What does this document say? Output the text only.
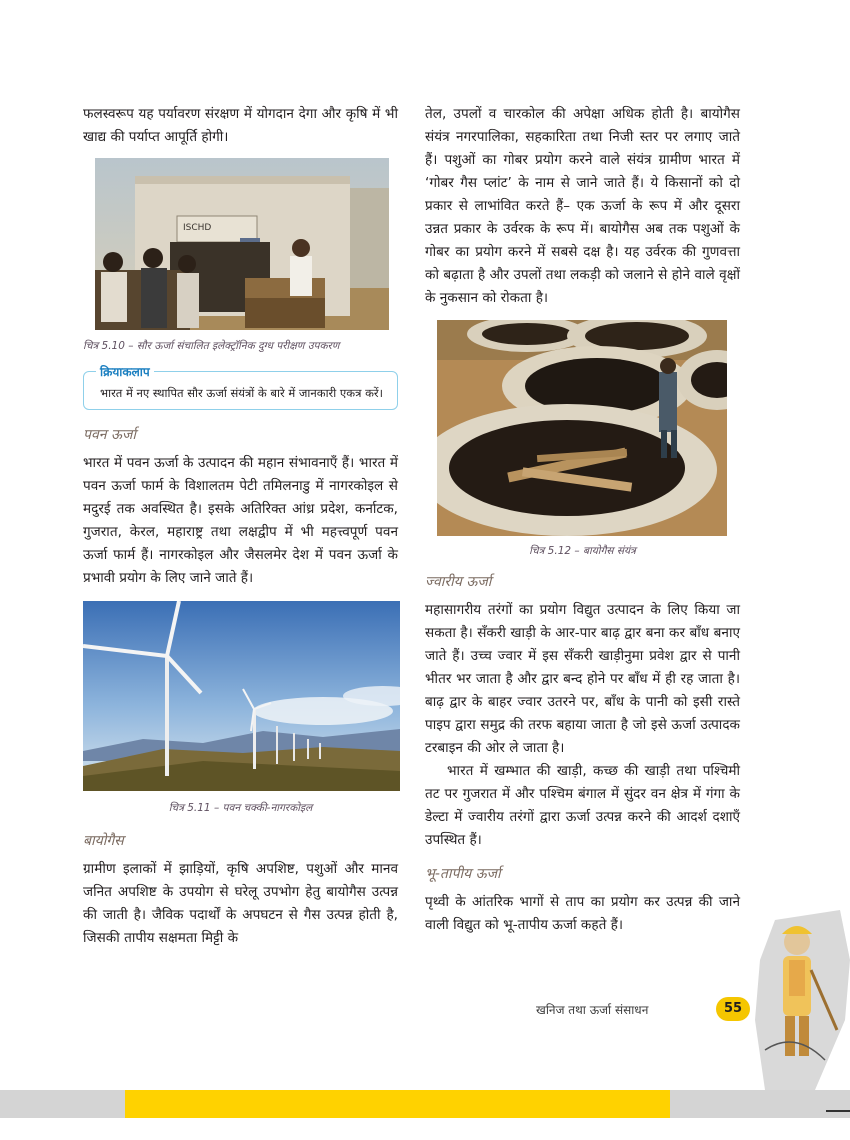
फलस्वरूप यह पर्यावरण संरक्षण में योगदान देगा और कृषि में भी खाद्य की पर्याप्त आपूर्ति होगी।

ISCHD
चित्र 5.10 – सौर ऊर्जा संचालित इलेक्ट्रॉनिक दुग्ध परीक्षण उपकरण
क्रियाकलाप
भारत में नए स्थापित सौर ऊर्जा संयंत्रों के बारे में जानकारी एकत्र करें।
पवन ऊर्जा

भारत में पवन ऊर्जा के उत्पादन की महान संभावनाएँ हैं। भारत में पवन ऊर्जा फार्म के विशालतम पेटी तमिलनाडु में नागरकोइल से मदुरई तक अवस्थित है। इसके अतिरिक्त आंध्र प्रदेश, कर्नाटक, गुजरात, केरल, महाराष्ट्र तथा लक्षद्वीप में भी महत्त्वपूर्ण पवन ऊर्जा फार्म हैं। नागरकोइल और जैसलमेर देश में पवन ऊर्जा के प्रभावी प्रयोग के लिए जाने जाते हैं।

चित्र 5.11 – पवन चक्की-नागरकोइल
बायोगैस

ग्रामीण इलाकों में झाड़ियों, कृषि अपशिष्ट, पशुओं और मानव जनित अपशिष्ट के उपयोग से घरेलू उपभोग हेतु बायोगैस उत्पन्न की जाती है। जैविक पदार्थों के अपघटन से गैस उत्पन्न होती है, जिसकी तापीय सक्षमता मिट्टी के

तेल, उपलों व चारकोल की अपेक्षा अधिक होती है। बायोगैस संयंत्र नगरपालिका, सहकारिता तथा निजी स्तर पर लगाए जाते हैं। पशुओं का गोबर प्रयोग करने वाले संयंत्र ग्रामीण भारत में ‘गोबर गैस प्लांट’ के नाम से जाने जाते हैं। ये किसानों को दो प्रकार से लाभांवित करते हैं– एक ऊर्जा के रूप में और दूसरा उन्नत प्रकार के उर्वरक के रूप में। बायोगैस अब तक पशुओं के गोबर का प्रयोग करने में सबसे दक्ष है। यह उर्वरक की गुणवत्ता को बढ़ाता है और उपलों तथा लकड़ी को जलाने से होने वाले वृक्षों के नुकसान को रोकता है।

चित्र 5.12 – बायोगैस संयंत्र
ज्वारीय ऊर्जा

महासागरीय तरंगों का प्रयोग विद्युत उत्पादन के लिए किया जा सकता है। सँकरी खाड़ी के आर-पार बाढ़ द्वार बना कर बाँध बनाए जाते हैं। उच्च ज्वार में इस सँकरी खाड़ीनुमा प्रवेश द्वार से पानी भीतर भर जाता है और द्वार बन्द होने पर बाँध में ही रह जाता है। बाढ़ द्वार के बाहर ज्वार उतरने पर, बाँध के पानी को इसी रास्ते पाइप द्वारा समुद्र की तरफ बहाया जाता है जो इसे ऊर्जा उत्पादक टरबाइन की ओर ले जाता है।

भारत में खम्भात की खाड़ी, कच्छ की खाड़ी तथा पश्चिमी तट पर गुजरात में और पश्चिम बंगाल में सुंदर वन क्षेत्र में गंगा के डेल्टा में ज्वारीय तरंगों द्वारा ऊर्जा उत्पन्न करने की आदर्श दशाएँ उपस्थित हैं।

भू-तापीय ऊर्जा

पृथ्वी के आंतरिक भागों से ताप का प्रयोग कर उत्पन्न की जाने वाली विद्युत को भू-तापीय ऊर्जा कहते हैं।

खनिज तथा ऊर्जा संसाधन	55
